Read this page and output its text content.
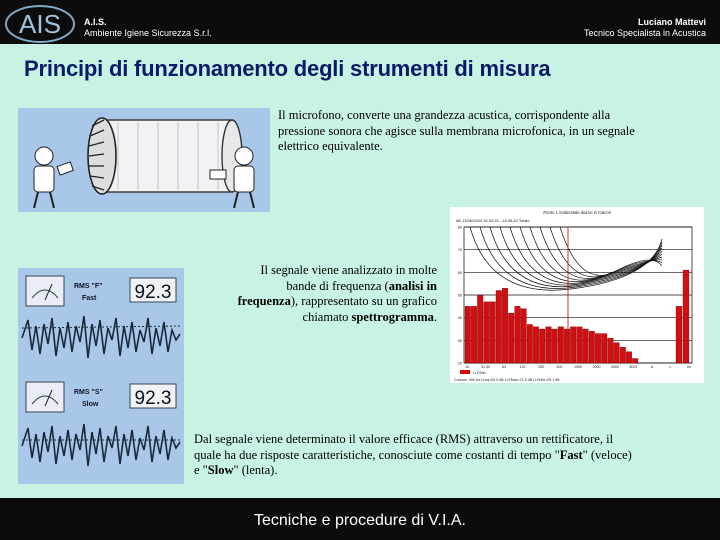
AIS
AMBIENTE • IGIENE • SICUREZZA
A.I.S.
Ambiente Igiene Sicurezza S.r.l.
Luciano Mattevi
Tecnico Specialista in Acustica
Principi di funzionamento degli strumenti di misura
Il microfono, converte una grandezza acustica, corrispondente alla pressione sonora che agisce sulla membrana microfonica, in un segnale elettrico equivalente.
Punto 1 Ambientale diurno in Calcoli
dB 13/06/2004 16:34:20 - 16:35:42 Totale
20
30
40
50
60
70
80
16	31.50	63	125	250	500	1000	2000	4000	8001	A	L	Hz
LLFMin
Cursore: 400 Hz LLeq=52.0 dB LLFMax=71.0 dB LLFMin=25.1 dB
Il segnale viene analizzato in molte bande di frequenza (analisi in frequenza), rappresentato su un grafico chiamato spettrogramma.
RMS "F"
Fast 92.3
RMS "S"
Slow 92.3
Dal segnale viene determinato il valore efficace (RMS) attraverso un rettificatore, il quale ha due risposte caratteristiche, conosciute come costanti di tempo "Fast" (veloce) e "Slow" (lenta).
Tecniche e procedure di V.I.A.
